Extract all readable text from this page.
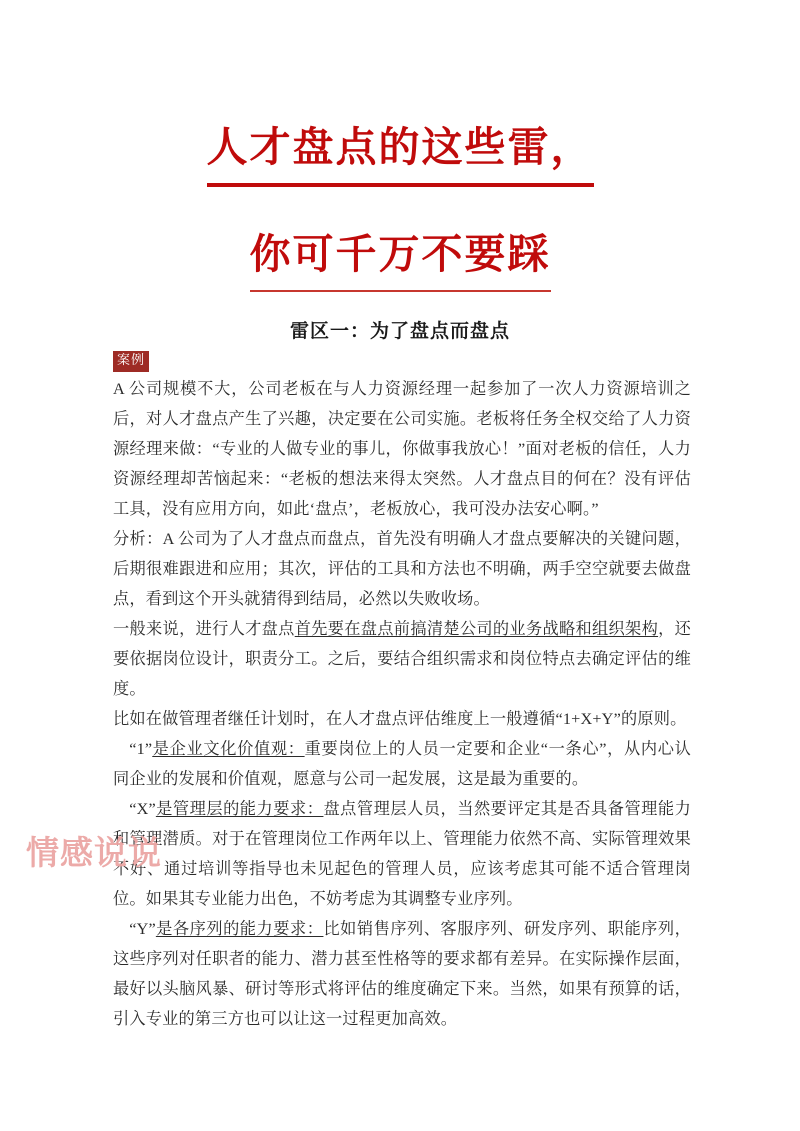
人才盘点的这些雷，
你可千万不要踩
雷区一：为了盘点而盘点
案例

A 公司规模不大，公司老板在与人力资源经理一起参加了一次人力资源培训之后，对人才盘点产生了兴趣，决定要在公司实施。老板将任务全权交给了人力资源经理来做：“专业的人做专业的事儿，你做事我放心！”面对老板的信任，人力资源经理却苦恼起来：“老板的想法来得太突然。人才盘点目的何在？没有评估工具，没有应用方向，如此‘盘点’，老板放心，我可没办法安心啊。”

分析：A 公司为了人才盘点而盘点，首先没有明确人才盘点要解决的关键问题，后期很难跟进和应用；其次，评估的工具和方法也不明确，两手空空就要去做盘点，看到这个开头就猜得到结局，必然以失败收场。

一般来说，进行人才盘点首先要在盘点前搞清楚公司的业务战略和组织架构，还要依据岗位设计，职责分工。之后，要结合组织需求和岗位特点去确定评估的维度。

比如在做管理者继任计划时，在人才盘点评估维度上一般遵循“1+X+Y”的原则。

“1”是企业文化价值观：重要岗位上的人员一定要和企业“一条心”，从内心认同企业的发展和价值观，愿意与公司一起发展，这是最为重要的。

“X”是管理层的能力要求：盘点管理层人员，当然要评定其是否具备管理能力和管理潜质。对于在管理岗位工作两年以上、管理能力依然不高、实际管理效果不好、通过培训等指导也未见起色的管理人员，应该考虑其可能不适合管理岗位。如果其专业能力出色，不妨考虑为其调整专业序列。

“Y”是各序列的能力要求：比如销售序列、客服序列、研发序列、职能序列，这些序列对任职者的能力、潜力甚至性格等的要求都有差异。在实际操作层面，最好以头脑风暴、研讨等形式将评估的维度确定下来。当然，如果有预算的话，引入专业的第三方也可以让这一过程更加高效。

情感说说
